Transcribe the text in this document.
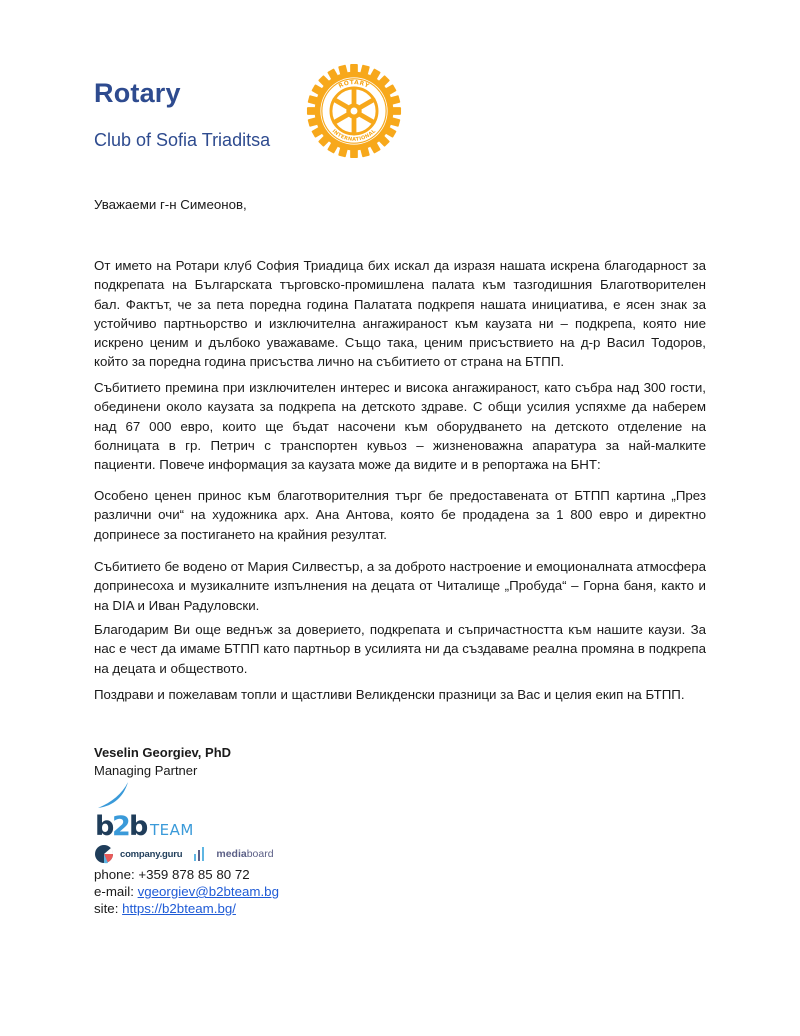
Rotary
Club of Sofia Triaditsa
ROTARY
INTERNATIONAL
Уважаеми г-н Симеонов,
От името на Ротари клуб София Триадица бих искал да изразя нашата искрена благодарност за подкрепата на Българската търговско-промишлена палата към тазгодишния Благотворителен бал. Фактът, че за пета поредна година Палатата подкрепя нашата инициатива, е ясен знак за устойчиво партньорство и изключителна ангажираност към каузата ни – подкрепа, която ние искрено ценим и дълбоко уважаваме. Също така, ценим присъствието на д-р Васил Тодоров, който за поредна година присъства лично на събитието от страна на БТПП.
Събитието премина при изключителен интерес и висока ангажираност, като събра над 300 гости, обединени около каузата за подкрепа на детското здраве. С общи усилия успяхме да наберем над 67 000 евро, които ще бъдат насочени към оборудването на детското отделение на болницата в гр. Петрич с транспортен кувьоз – жизненоважна апаратура за най-малките пациенти. Повече информация за каузата може да видите и в репортажа на БНТ:
Особено ценен принос към благотворителния търг бе предоставената от БТПП картина „През различни очи“ на художника арх. Ана Антова, която бе продадена за 1 800 евро и директно допринесе за постигането на крайния резултат.
Събитието бе водено от Мария Силвестър, а за доброто настроение и емоционалната атмосфера допринесоха и музикалните изпълнения на децата от Читалище „Пробуда“ – Горна баня, както и на DIA и Иван Радуловски.
Благодарим Ви още веднъж за доверието, подкрепата и съпричастността към нашите каузи. За нас е чест да имаме БТПП като партньор в усилията ни да създаваме реална промяна в подкрепа на децата и обществото.
Поздрави и пожелавам топли и щастливи Великденски празници за Вас и целия екип на БТПП.
Veselin Georgiev, PhD
Managing Partner
b 2 b TEAM
company.guru	mediaboard
phone: +359 878 85 80 72
e-mail: vgeorgiev@b2bteam.bg
site: https://b2bteam.bg/
